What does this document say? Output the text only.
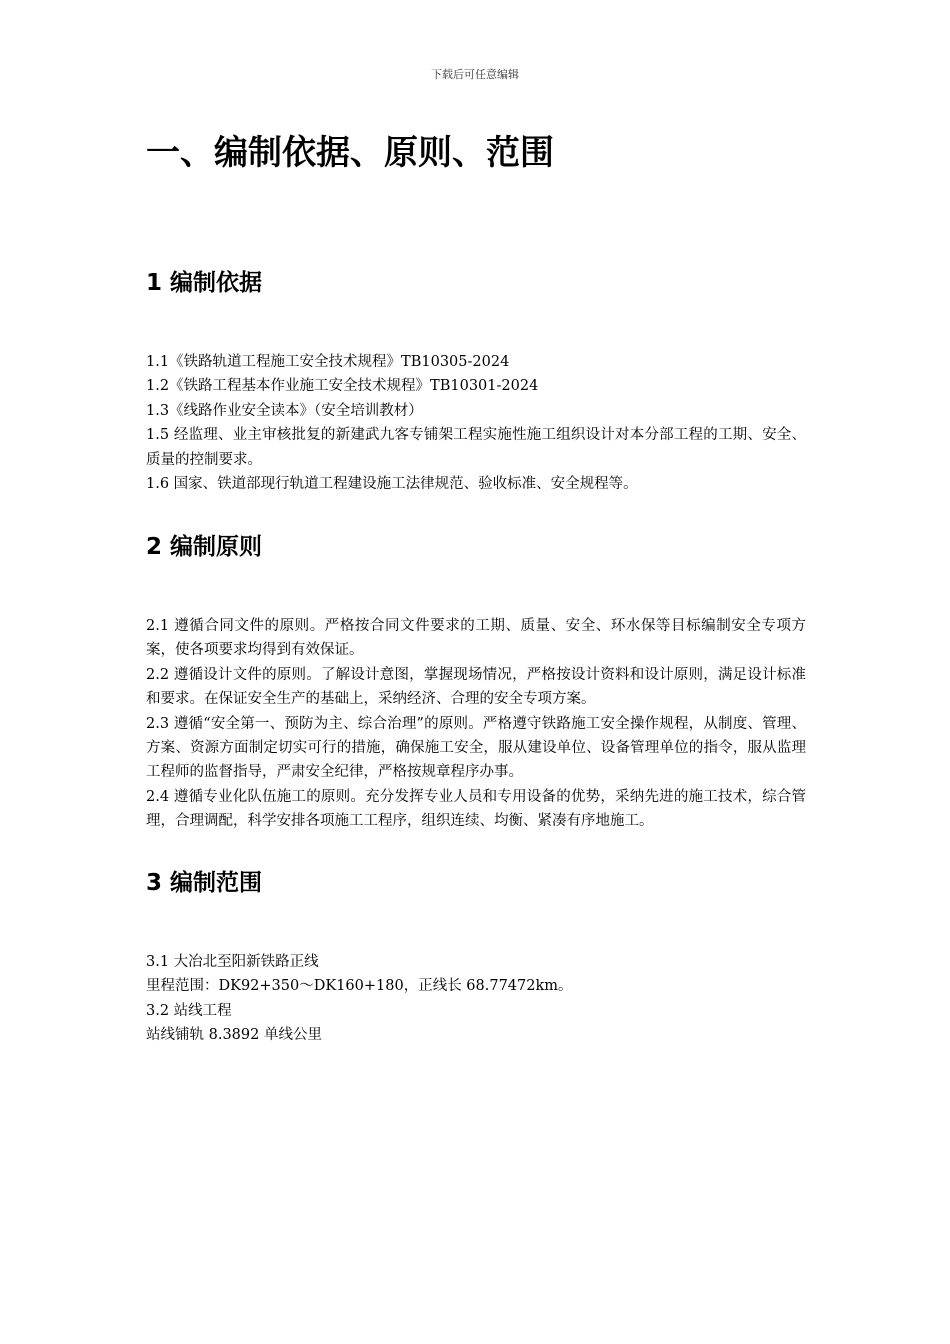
下载后可任意编辑
一、编制依据、原则、范围
1 编制依据
1.1《铁路轨道工程施工安全技术规程》TB10305-2024
1.2《铁路工程基本作业施工安全技术规程》TB10301-2024
1.3《线路作业安全读本》（安全培训教材）
1.5 经监理、业主审核批复的新建武九客专铺架工程实施性施工组织设计对本分部工程的工期、安全、质量的控制要求。
1.6 国家、铁道部现行轨道工程建设施工法律规范、验收标准、安全规程等。
2 编制原则
2.1 遵循合同文件的原则。严格按合同文件要求的工期、质量、安全、环水保等目标编制安全专项方案，使各项要求均得到有效保证。
2.2 遵循设计文件的原则。了解设计意图，掌握现场情况，严格按设计资料和设计原则，满足设计标准和要求。在保证安全生产的基础上，采纳经济、合理的安全专项方案。
2.3 遵循“安全第一、预防为主、综合治理”的原则。严格遵守铁路施工安全操作规程，从制度、管理、方案、资源方面制定切实可行的措施，确保施工安全，服从建设单位、设备管理单位的指令，服从监理工程师的监督指导，严肃安全纪律，严格按规章程序办事。
2.4 遵循专业化队伍施工的原则。充分发挥专业人员和专用设备的优势，采纳先进的施工技术，综合管理，合理调配，科学安排各项施工工程序，组织连续、均衡、紧凑有序地施工。
3 编制范围
3.1 大冶北至阳新铁路正线
里程范围：DK92+350～DK160+180，正线长 68.77472km。
3.2 站线工程
站线铺轨 8.3892 单线公里
